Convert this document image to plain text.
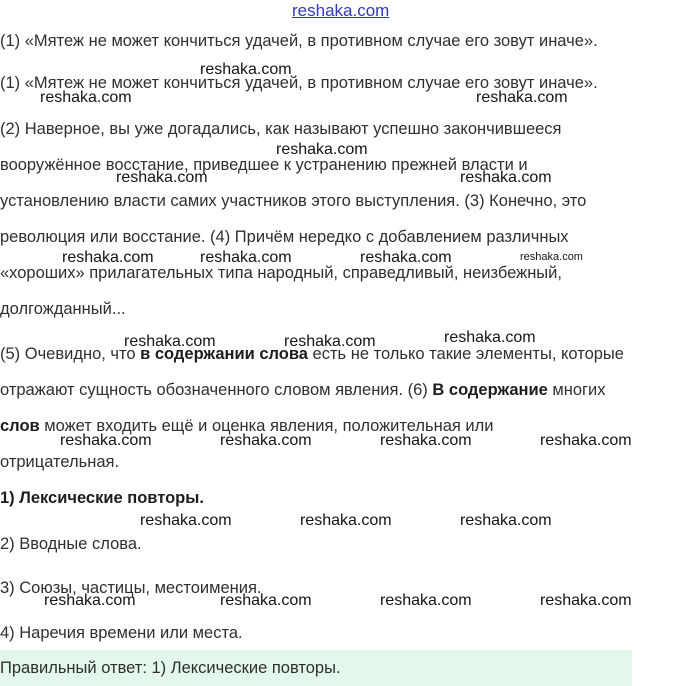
reshaka.com
(1) «Мятеж не может кончиться удачей, в противном случае его зовут иначе».
reshaka.com
(1) «Мятеж не может кончиться удачей, в противном случае его зовут иначе».
reshaka.com	reshaka.com
(2) Наверное, вы уже догадались, как называют успешно закончившееся
reshaka.com
вооружённое восстание, приведшее к устранению прежней власти и
reshaka.com	reshaka.com
установлению власти самих участников этого выступления. (3) Конечно, это
революция или восстание. (4) Причём нередко с добавлением различных
reshaka.com	reshaka.com	reshaka.com	reshaka.com
«хороших» прилагательных типа народный, справедливый, неизбежный,
долгожданный...
reshaka.com
reshaka.com	reshaka.com
(5) Очевидно, что в содержании слова есть не только такие элементы, которые
отражают сущность обозначенного словом явления. (6) В содержание многих
слов может входить ещё и оценка явления, положительная или
reshaka.com	reshaka.com	reshaka.com	reshaka.com
отрицательная.
1) Лексические повторы.
reshaka.com	reshaka.com	reshaka.com
2) Вводные слова.
3) Союзы, частицы, местоимения.
reshaka.com	reshaka.com	reshaka.com	reshaka.com
4) Наречия времени или места.
Правильный ответ: 1) Лексические повторы.
